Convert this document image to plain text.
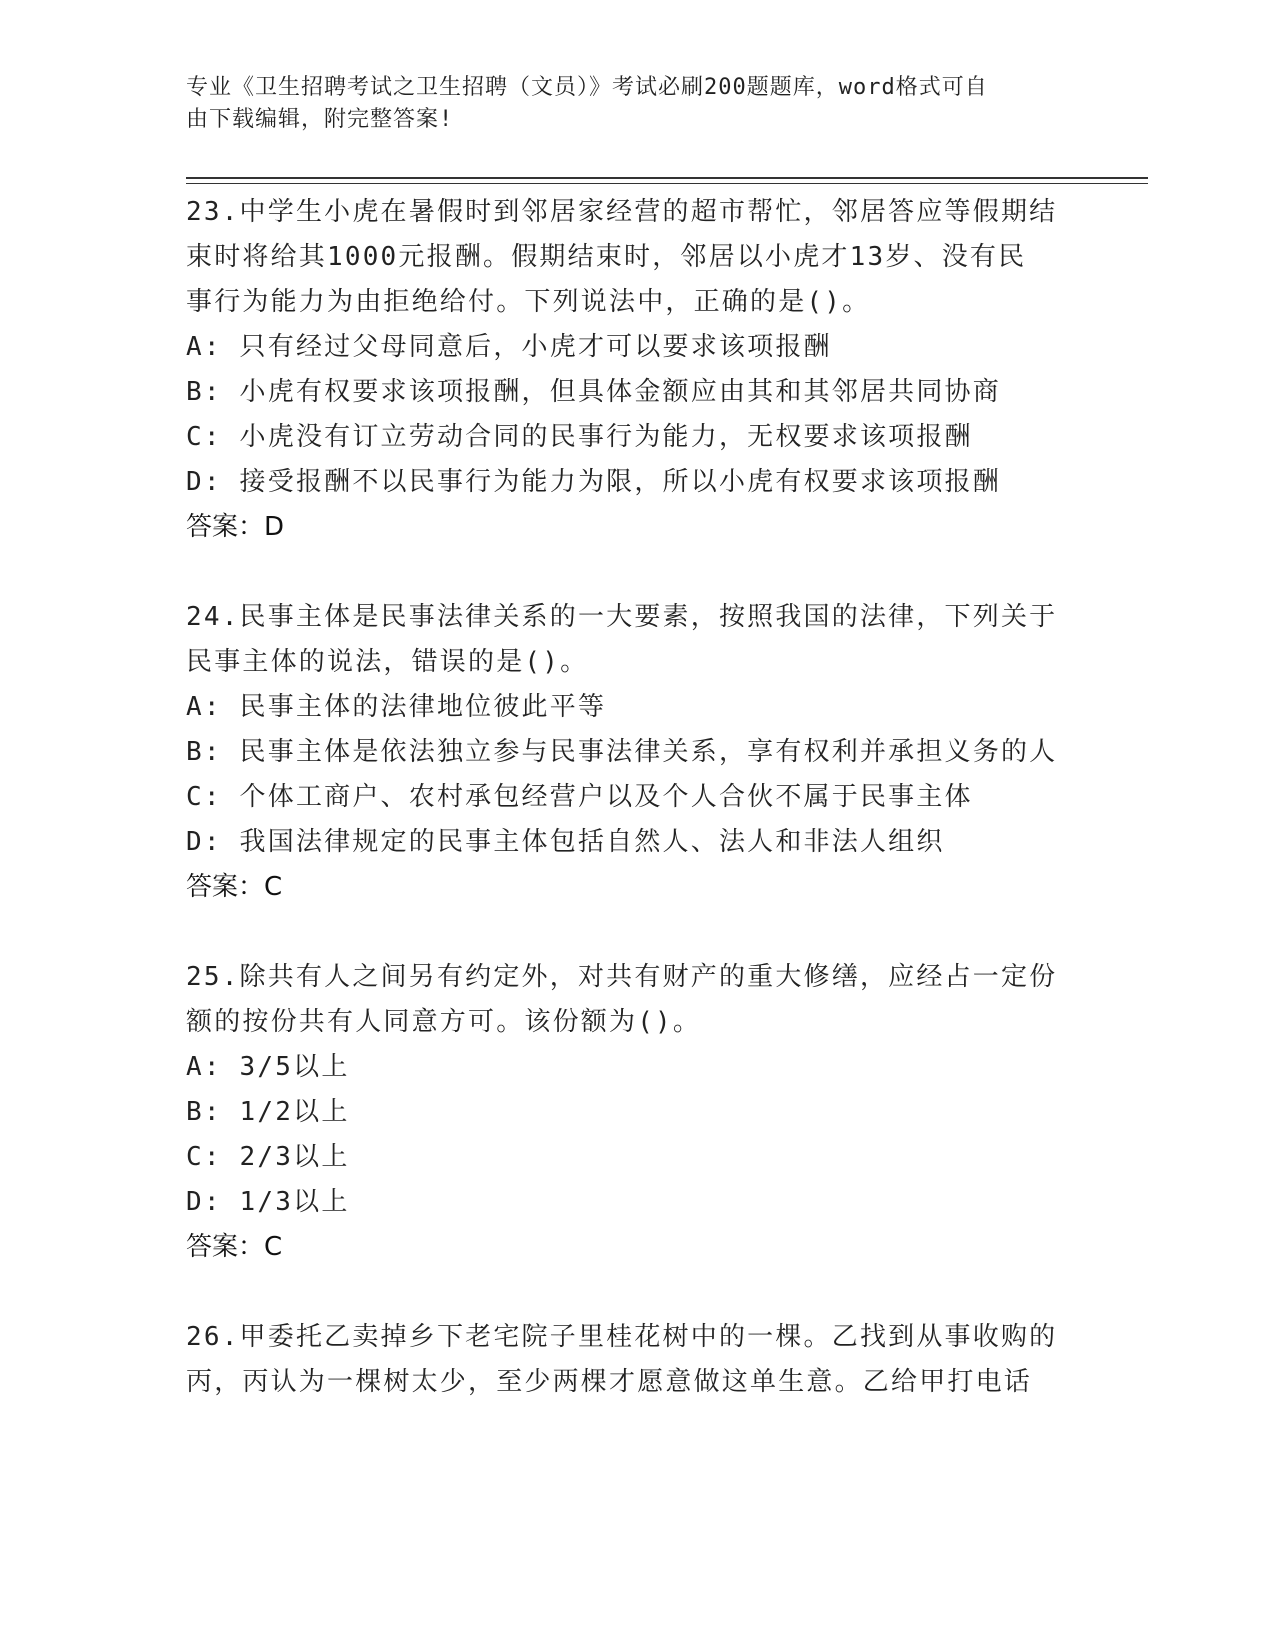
专业《卫生招聘考试之卫生招聘（文员）》考试必刷200题题库，word格式可自
由下载编辑，附完整答案!

23.中学生小虎在暑假时到邻居家经营的超市帮忙，邻居答应等假期结

束时将给其1000元报酬。假期结束时，邻居以小虎才13岁、没有民

事行为能力为由拒绝给付。下列说法中，正确的是()。

A: 只有经过父母同意后，小虎才可以要求该项报酬

B: 小虎有权要求该项报酬，但具体金额应由其和其邻居共同协商

C: 小虎没有订立劳动合同的民事行为能力，无权要求该项报酬

D: 接受报酬不以民事行为能力为限，所以小虎有权要求该项报酬

答案：D

24.民事主体是民事法律关系的一大要素，按照我国的法律，下列关于

民事主体的说法，错误的是()。

A: 民事主体的法律地位彼此平等

B: 民事主体是依法独立参与民事法律关系，享有权利并承担义务的人

C: 个体工商户、农村承包经营户以及个人合伙不属于民事主体

D: 我国法律规定的民事主体包括自然人、法人和非法人组织

答案：C

25.除共有人之间另有约定外，对共有财产的重大修缮，应经占一定份

额的按份共有人同意方可。该份额为()。

A: 3/5以上

B: 1/2以上

C: 2/3以上

D: 1/3以上

答案：C

26.甲委托乙卖掉乡下老宅院子里桂花树中的一棵。乙找到从事收购的

丙，丙认为一棵树太少，至少两棵才愿意做这单生意。乙给甲打电话
